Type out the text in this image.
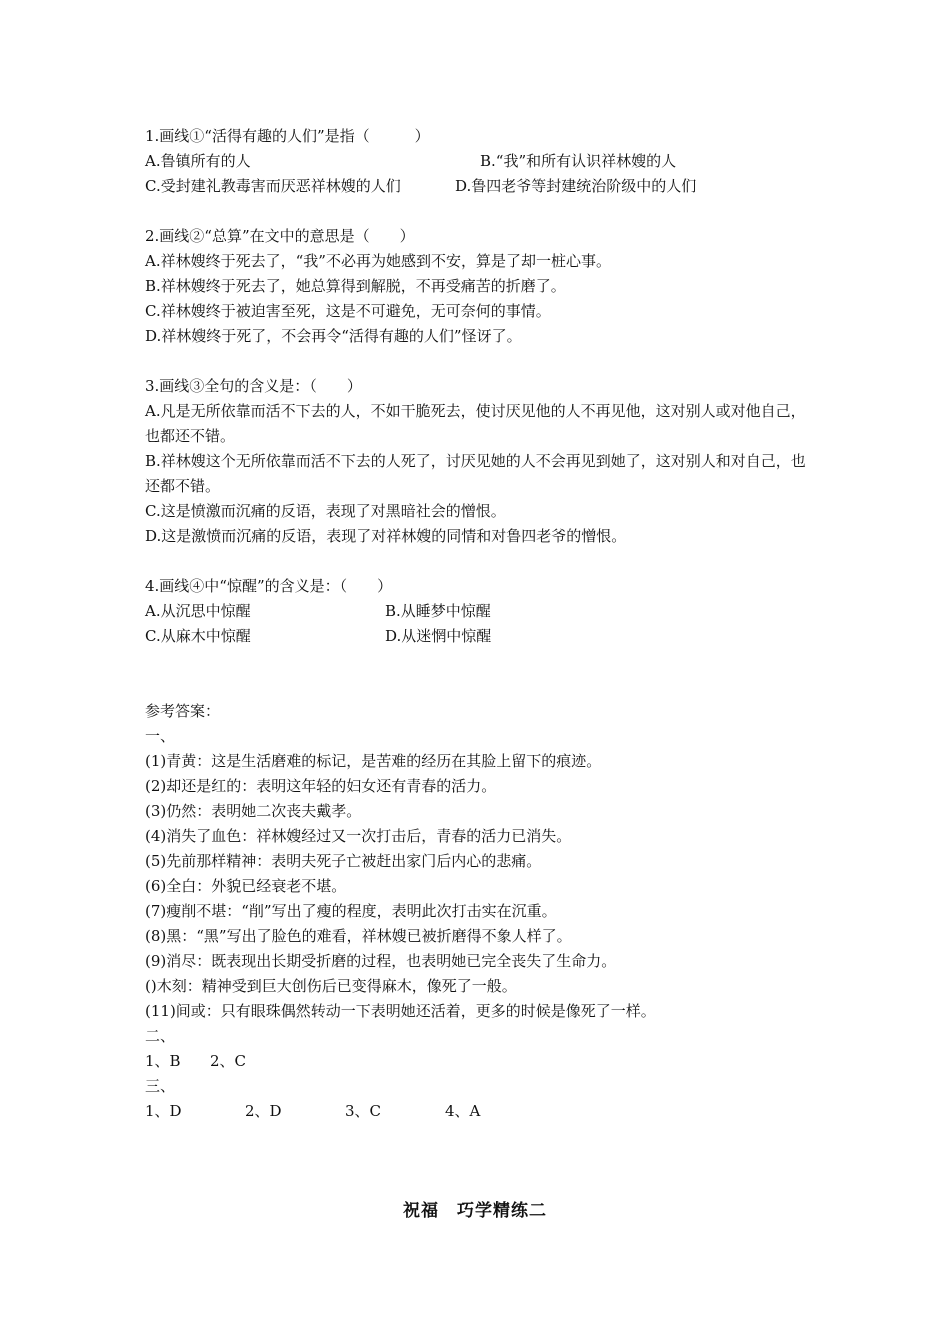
1.画线①“活得有趣的人们”是指（　　　）
A.鲁镇所有的人	B.“我”和所有认识祥林嫂的人
C.受封建礼教毒害而厌恶祥林嫂的人们	D.鲁四老爷等封建统治阶级中的人们
2.画线②“总算”在文中的意思是（　　）
A.祥林嫂终于死去了，“我”不必再为她感到不安，算是了却一桩心事。
B.祥林嫂终于死去了，她总算得到解脱，不再受痛苦的折磨了。
C.祥林嫂终于被迫害至死，这是不可避免，无可奈何的事情。
D.祥林嫂终于死了，不会再令“活得有趣的人们”怪讶了。
3.画线③全句的含义是：（　　）
A.凡是无所依靠而活不下去的人，不如干脆死去，使讨厌见他的人不再见他，这对别人或对他自己，也都还不错。
B.祥林嫂这个无所依靠而活不下去的人死了，讨厌见她的人不会再见到她了，这对别人和对自己，也还都不错。
C.这是愤激而沉痛的反语，表现了对黑暗社会的憎恨。
D.这是激愤而沉痛的反语，表现了对祥林嫂的同情和对鲁四老爷的憎恨。
4.画线④中“惊醒”的含义是：（　　）
A.从沉思中惊醒	B.从睡梦中惊醒
C.从麻木中惊醒	D.从迷惘中惊醒
参考答案：
一、
(1)青黄：这是生活磨难的标记，是苦难的经历在其脸上留下的痕迹。
(2)却还是红的：表明这年轻的妇女还有青春的活力。
(3)仍然：表明她二次丧夫戴孝。
(4)消失了血色：祥林嫂经过又一次打击后，青春的活力已消失。
(5)先前那样精神：表明夫死子亡被赶出家门后内心的悲痛。
(6)全白：外貌已经衰老不堪。
(7)瘦削不堪：“削”写出了瘦的程度，表明此次打击实在沉重。
(8)黑：“黑”写出了脸色的难看，祥林嫂已被折磨得不象人样了。
(9)消尽：既表现出长期受折磨的过程，也表明她已完全丧失了生命力。
()木刻：精神受到巨大创伤后已变得麻木，像死了一般。
(11)间或：只有眼珠偶然转动一下表明她还活着，更多的时候是像死了一样。
二、
1、B	2、C
三、
1、D	2、D	3、C	4、A
祝福　巧学精练二
